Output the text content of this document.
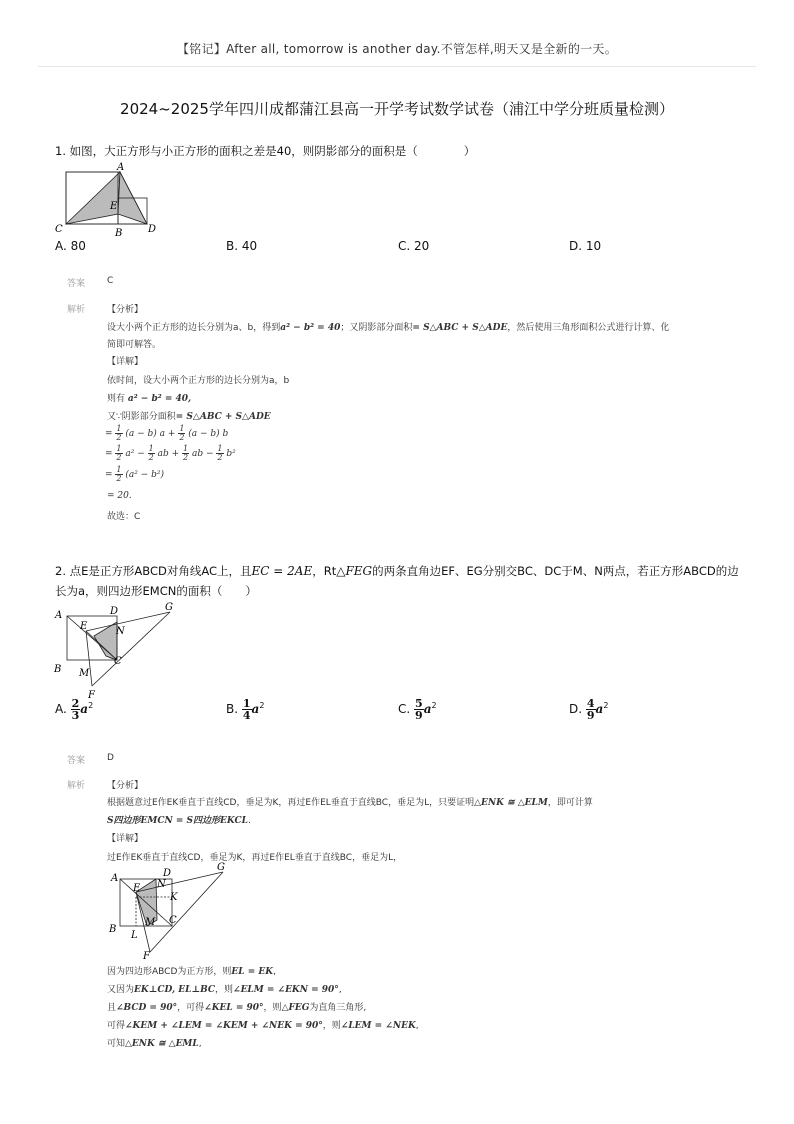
【铭记】After all, tomorrow is another day.不管怎样,明天又是全新的一天。
2024~2025学年四川成都蒲江县高一开学考试数学试卷（浦江中学分班质量检测）
1. 如图，大正方形与小正方形的面积之差是40，则阴影部分的面积是（　　　　）
A
E
C	B	D
A. 80	B. 40	C. 20	D. 10
答案 C
解析 【分析】
设大小两个正方形的边长分别为a、b，得到a² − b² = 40；又阴影部分面积= S△ABC + S△ADE，然后使用三角形面积公式进行计算、化
简即可解答。
【详解】
依时间，设大小两个正方形的边长分别为a，b
则有 a² − b² = 40,
又∵阴影部分面积= S△ABC + S△ADE
= $\frac{1}{2} (a - b) a + \frac{1}{2} (a - b)$ b
= $\frac{1}{2} a^2 - \frac{1}{2}$ ab + $\frac{1}{2}$ ab − $\frac{1}{2} b^2$
= $\frac{1}{2} (a^2 - b^2)$
= 20.
故选：C
2. 点E是正方形ABCD对角线AC上，且EC = 2AE，Rt△FEG的两条直角边EF、EG分别交BC、DC于M、N两点，若正方形ABCD的边
长为a，则四边形EMCN的面积（　　）
A	D	G
E	N
B
C
M
F
A. $\frac{2}{3} a^2$	B. $\frac{1}{4} a^2$	C. $\frac{5}{9} a^2$	D. $\frac{4}{9} a^2$
答案 D
解析 【分析】
根据题意过E作EK垂直于直线CD，垂足为K，再过E作EL垂直于直线BC，垂足为L，只要证明△ENK ≅ △ELM，即可计算
S四边形EMCN = S四边形EKCL.
【详解】
过E作EK垂直于直线CD，垂足为K，再过E作EL垂直于直线BC，垂足为L，
A	D
G
E N
K
B
C
L
M
F
因为四边形ABCD为正方形，则EL = EK,
又因为EK⊥CD, EL⊥BC，则∠ELM = ∠EKN = 90°,
且∠BCD = 90°，可得∠KEL = 90°，则△FEG为直角三角形,
可得∠KEM + ∠LEM = ∠KEM + ∠NEK = 90°，则∠LEM = ∠NEK,
可知△ENK ≅ △EML,
